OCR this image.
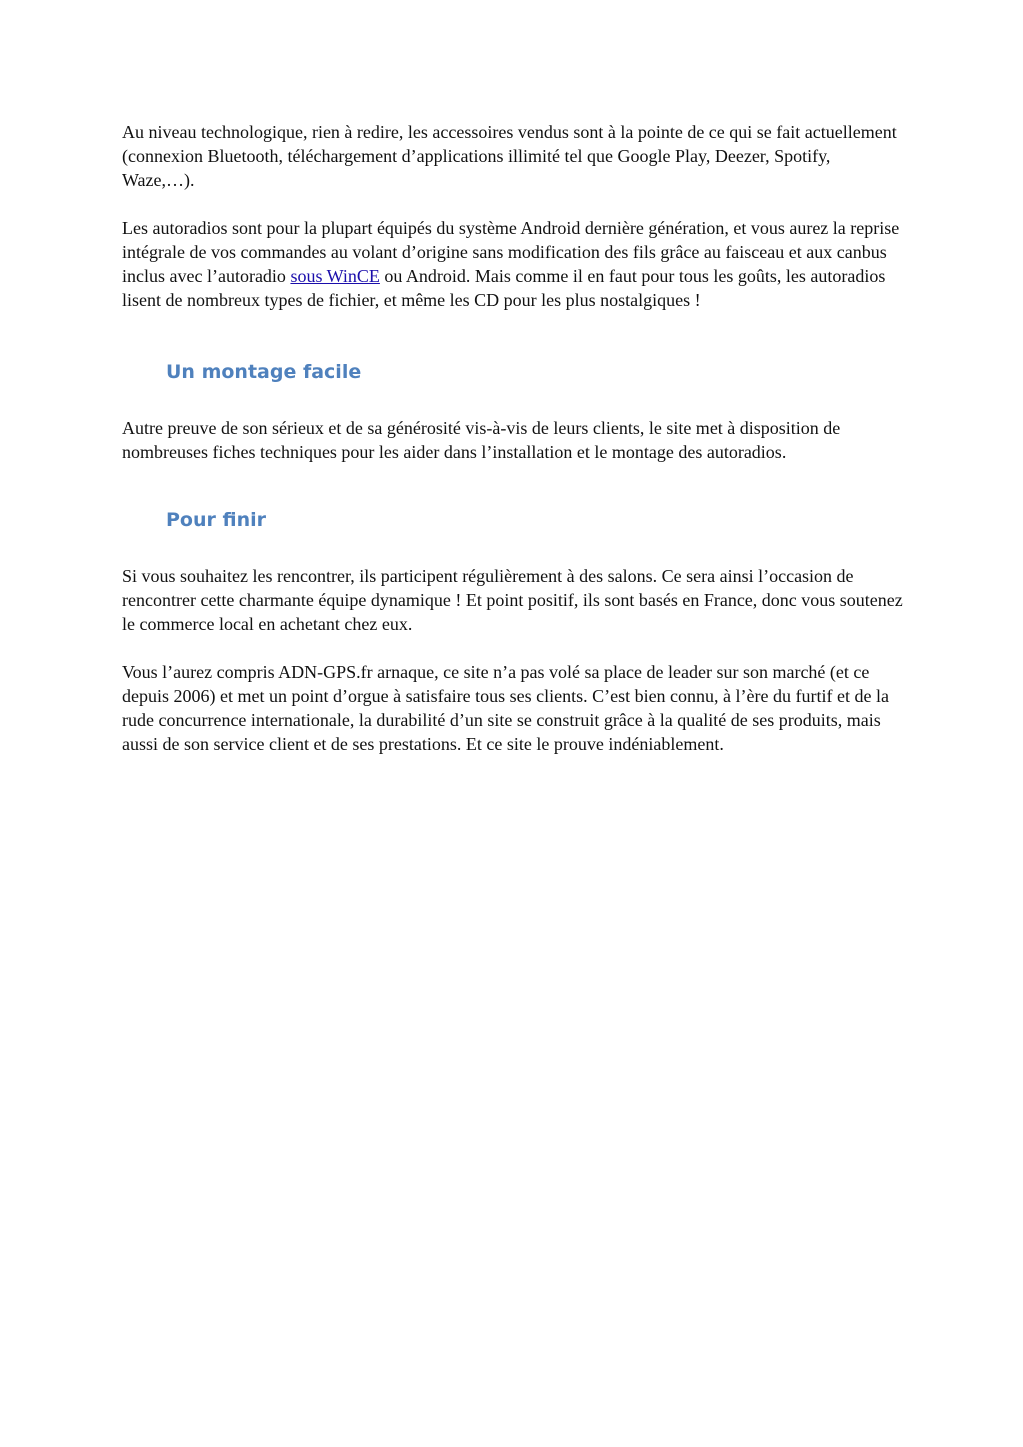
Au niveau technologique, rien à redire, les accessoires vendus sont à la pointe de ce qui se fait actuellement (connexion Bluetooth, téléchargement d’applications illimité tel que Google Play, Deezer, Spotify, Waze,…).

Les autoradios sont pour la plupart équipés du système Android dernière génération, et vous aurez la reprise intégrale de vos commandes au volant d’origine sans modification des fils grâce au faisceau et aux canbus inclus avec l’autoradio sous WinCE ou Android. Mais comme il en faut pour tous les goûts, les autoradios lisent de nombreux types de fichier, et même les CD pour les plus nostalgiques !

Un montage facile

Autre preuve de son sérieux et de sa générosité vis-à-vis de leurs clients, le site met à disposition de nombreuses fiches techniques pour les aider dans l’installation et le montage des autoradios.

Pour finir

Si vous souhaitez les rencontrer, ils participent régulièrement à des salons. Ce sera ainsi l’occasion de rencontrer cette charmante équipe dynamique ! Et point positif, ils sont basés en France, donc vous soutenez le commerce local en achetant chez eux.

Vous l’aurez compris ADN-GPS.fr arnaque, ce site n’a pas volé sa place de leader sur son marché (et ce depuis 2006) et met un point d’orgue à satisfaire tous ses clients. C’est bien connu, à l’ère du furtif et de la rude concurrence internationale, la durabilité d’un site se construit grâce à la qualité de ses produits, mais aussi de son service client et de ses prestations. Et ce site le prouve indéniablement.
